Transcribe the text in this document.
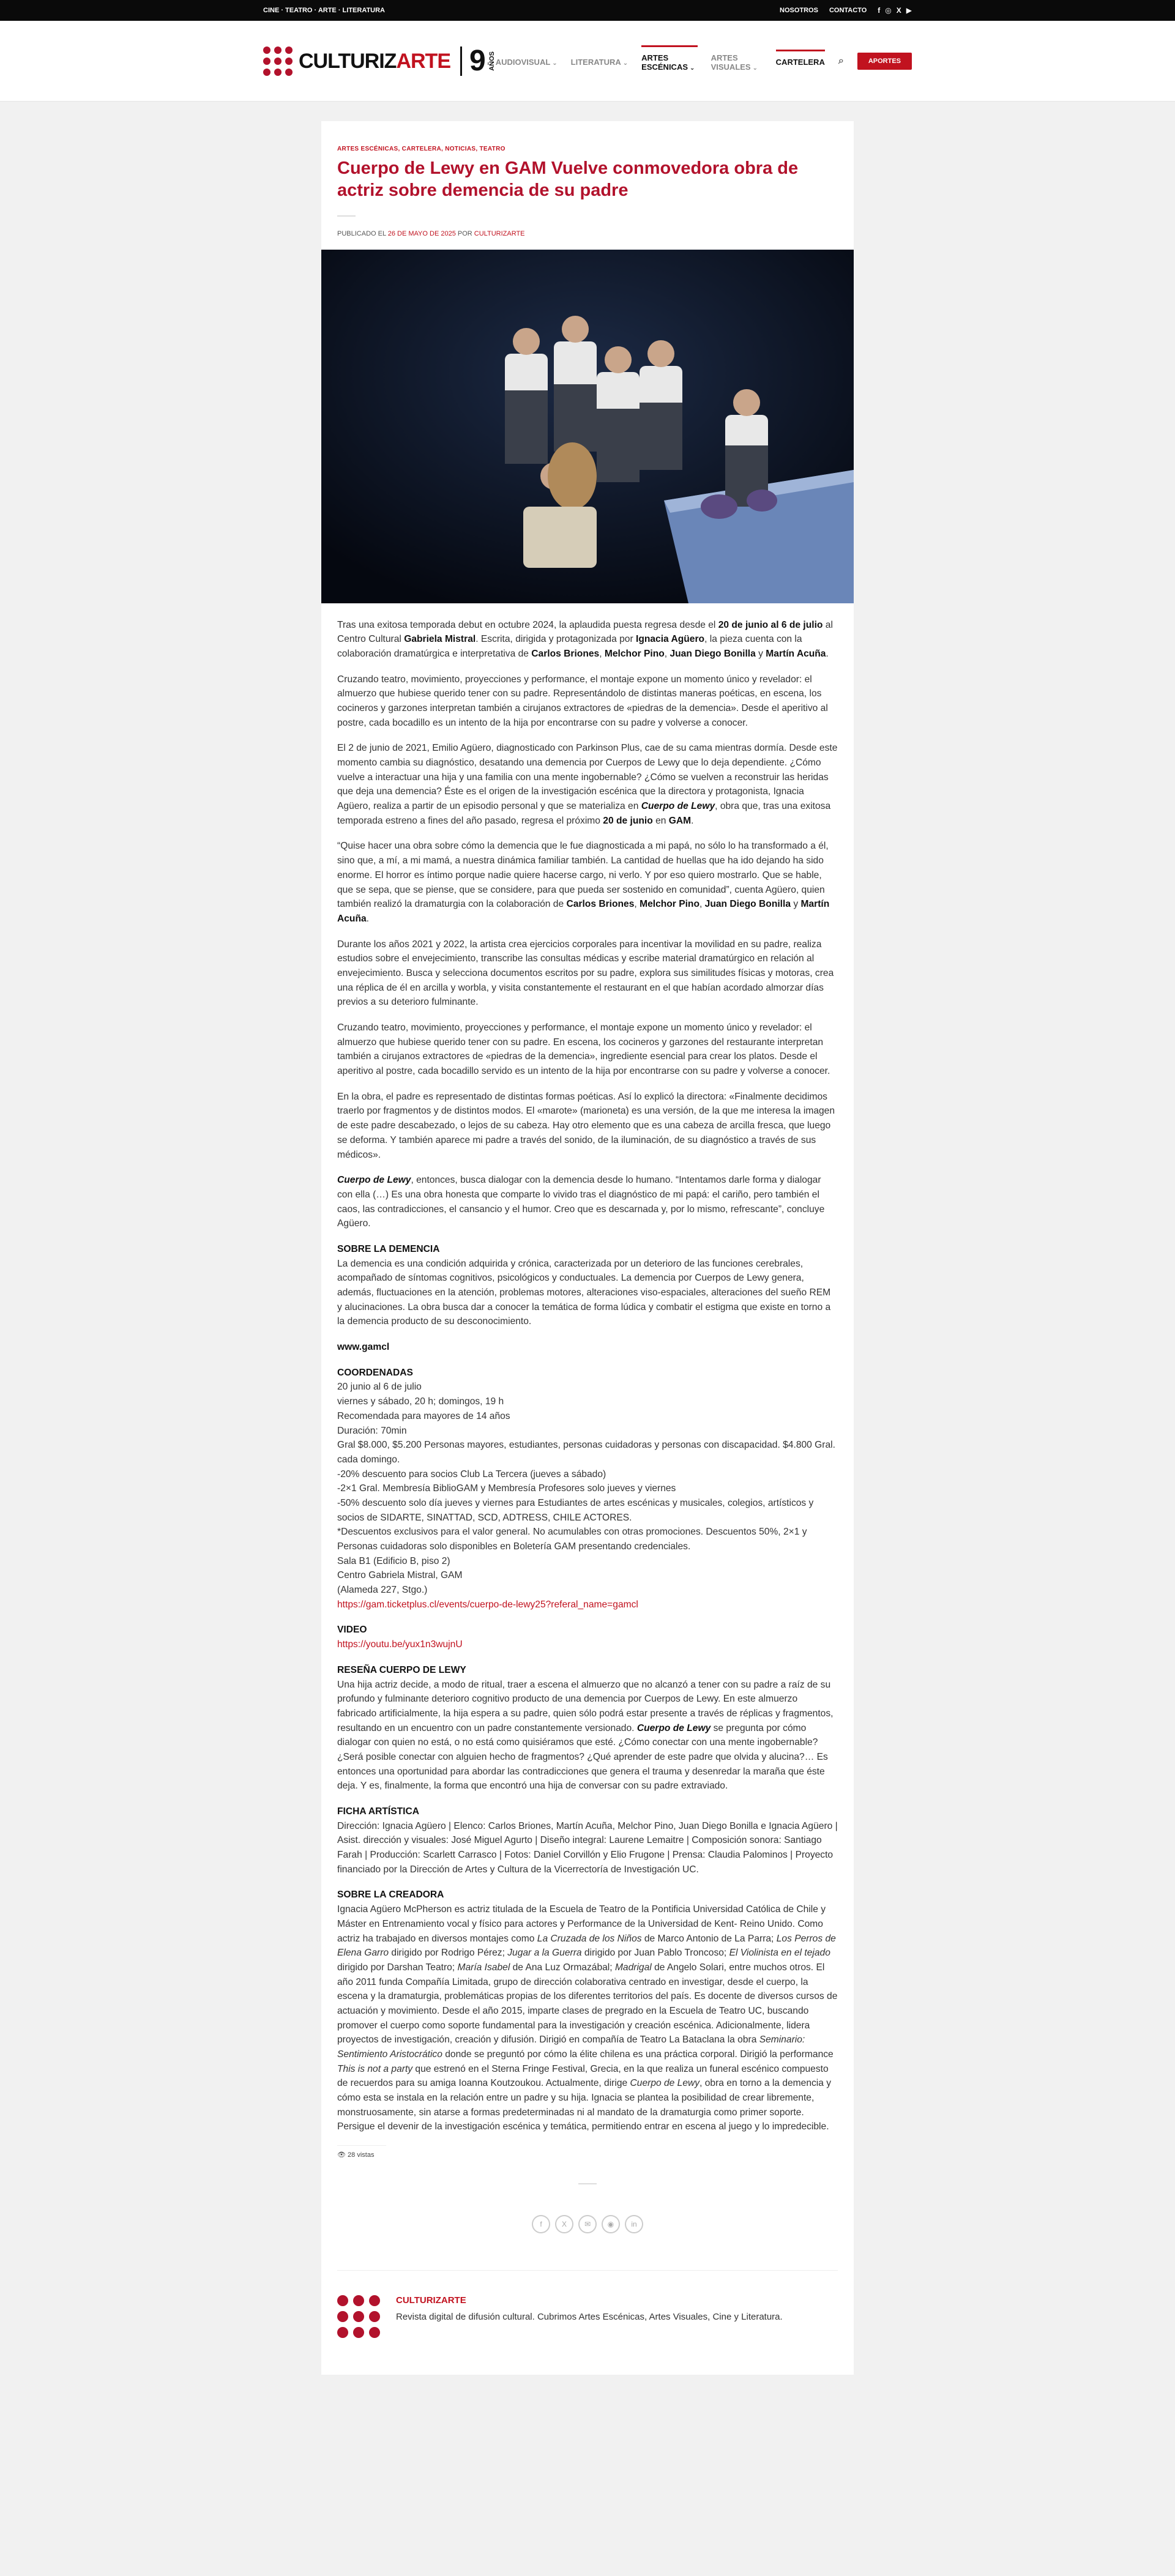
CINE · TEATRO · ARTE · LITERATURA	NOSOTROS CONTACTO f ◎ X ▶
CULTURIZARTE 9 AÑOS AUDIOVISUAL ⌄ LITERATURA ⌄
ARTES ESCÉNICAS ⌄
ARTES VISUALES ⌄
CARTELERA ⌕	APORTES
ARTES ESCÉNICAS, CARTELERA, NOTICIAS, TEATRO
Cuerpo de Lewy en GAM Vuelve conmovedora obra de actriz sobre demencia de su padre
PUBLICADO EL 26 DE MAYO DE 2025 POR CULTURIZARTE

Tras una exitosa temporada debut en octubre 2024, la aplaudida puesta regresa desde el 20 de junio al 6 de julio al Centro Cultural Gabriela Mistral. Escrita, dirigida y protagonizada por Ignacia Agüero, la pieza cuenta con la colaboración dramatúrgica e interpretativa de Carlos Briones, Melchor Pino, Juan Diego Bonilla y Martín Acuña.

Cruzando teatro, movimiento, proyecciones y performance, el montaje expone un momento único y revelador: el almuerzo que hubiese querido tener con su padre. Representándolo de distintas maneras poéticas, en escena, los cocineros y garzones interpretan también a cirujanos extractores de «piedras de la demencia». Desde el aperitivo al postre, cada bocadillo es un intento de la hija por encontrarse con su padre y volverse a conocer.

El 2 de junio de 2021, Emilio Agüero, diagnosticado con Parkinson Plus, cae de su cama mientras dormía. Desde este momento cambia su diagnóstico, desatando una demencia por Cuerpos de Lewy que lo deja dependiente. ¿Cómo vuelve a interactuar una hija y una familia con una mente ingobernable? ¿Cómo se vuelven a reconstruir las heridas que deja una demencia? Éste es el origen de la investigación escénica que la directora y protagonista, Ignacia Agüero, realiza a partir de un episodio personal y que se materializa en Cuerpo de Lewy, obra que, tras una exitosa temporada estreno a fines del año pasado, regresa el próximo 20 de junio en GAM.

“Quise hacer una obra sobre cómo la demencia que le fue diagnosticada a mi papá, no sólo lo ha transformado a él, sino que, a mí, a mi mamá, a nuestra dinámica familiar también. La cantidad de huellas que ha ido dejando ha sido enorme. El horror es íntimo porque nadie quiere hacerse cargo, ni verlo. Y por eso quiero mostrarlo. Que se hable, que se sepa, que se piense, que se considere, para que pueda ser sostenido en comunidad”, cuenta Agüero, quien también realizó la dramaturgia con la colaboración de Carlos Briones, Melchor Pino, Juan Diego Bonilla y Martín Acuña.

Durante los años 2021 y 2022, la artista crea ejercicios corporales para incentivar la movilidad en su padre, realiza estudios sobre el envejecimiento, transcribe las consultas médicas y escribe material dramatúrgico en relación al envejecimiento. Busca y selecciona documentos escritos por su padre, explora sus similitudes físicas y motoras, crea una réplica de él en arcilla y worbla, y visita constantemente el restaurant en el que habían acordado almorzar días previos a su deterioro fulminante.

Cruzando teatro, movimiento, proyecciones y performance, el montaje expone un momento único y revelador: el almuerzo que hubiese querido tener con su padre. En escena, los cocineros y garzones del restaurante interpretan también a cirujanos extractores de «piedras de la demencia», ingrediente esencial para crear los platos. Desde el aperitivo al postre, cada bocadillo servido es un intento de la hija por encontrarse con su padre y volverse a conocer.

En la obra, el padre es representado de distintas formas poéticas. Así lo explicó la directora: «Finalmente decidimos traerlo por fragmentos y de distintos modos. El «marote» (marioneta) es una versión, de la que me interesa la imagen de este padre descabezado, o lejos de su cabeza. Hay otro elemento que es una cabeza de arcilla fresca, que luego se deforma. Y también aparece mi padre a través del sonido, de la iluminación, de su diagnóstico a través de sus médicos».

Cuerpo de Lewy, entonces, busca dialogar con la demencia desde lo humano. “Intentamos darle forma y dialogar con ella (…) Es una obra honesta que comparte lo vivido tras el diagnóstico de mi papá: el cariño, pero también el caos, las contradicciones, el cansancio y el humor. Creo que es descarnada y, por lo mismo, refrescante”, concluye Agüero.

SOBRE LA DEMENCIA
La demencia es una condición adquirida y crónica, caracterizada por un deterioro de las funciones cerebrales, acompañado de síntomas cognitivos, psicológicos y conductuales. La demencia por Cuerpos de Lewy genera, además, fluctuaciones en la atención, problemas motores, alteraciones viso-espaciales, alteraciones del sueño REM y alucinaciones. La obra busca dar a conocer la temática de forma lúdica y combatir el estigma que existe en torno a la demencia producto de su desconocimiento.

www.gamcl

COORDENADAS
20 junio al 6 de julio
viernes y sábado, 20 h; domingos, 19 h
Recomendada para mayores de 14 años
Duración: 70min
Gral $8.000, $5.200 Personas mayores, estudiantes, personas cuidadoras y personas con discapacidad. $4.800 Gral. cada domingo.
-20% descuento para socios Club La Tercera (jueves a sábado)
-2×1 Gral. Membresía BiblioGAM y Membresía Profesores solo jueves y viernes
-50% descuento solo día jueves y viernes para Estudiantes de artes escénicas y musicales, colegios, artísticos y socios de SIDARTE, SINATTAD, SCD, ADTRESS, CHILE ACTORES.
*Descuentos exclusivos para el valor general. No acumulables con otras promociones. Descuentos 50%, 2×1 y Personas cuidadoras solo disponibles en Boletería GAM presentando credenciales.
Sala B1 (Edificio B, piso 2)
Centro Gabriela Mistral, GAM
(Alameda 227, Stgo.)
https://gam.ticketplus.cl/events/cuerpo-de-lewy25?referal_name=gamcl

VIDEO
https://youtu.be/yux1n3wujnU

RESEÑA CUERPO DE LEWY
Una hija actriz decide, a modo de ritual, traer a escena el almuerzo que no alcanzó a tener con su padre a raíz de su profundo y fulminante deterioro cognitivo producto de una demencia por Cuerpos de Lewy. En este almuerzo fabricado artificialmente, la hija espera a su padre, quien sólo podrá estar presente a través de réplicas y fragmentos, resultando en un encuentro con un padre constantemente versionado. Cuerpo de Lewy se pregunta por cómo dialogar con quien no está, o no está como quisiéramos que esté. ¿Cómo conectar con una mente ingobernable? ¿Será posible conectar con alguien hecho de fragmentos? ¿Qué aprender de este padre que olvida y alucina?… Es entonces una oportunidad para abordar las contradicciones que genera el trauma y desenredar la maraña que éste deja. Y es, finalmente, la forma que encontró una hija de conversar con su padre extraviado.

FICHA ARTÍSTICA
Dirección: Ignacia Agüero | Elenco: Carlos Briones, Martín Acuña, Melchor Pino, Juan Diego Bonilla e Ignacia Agüero | Asist. dirección y visuales: José Miguel Agurto | Diseño integral: Laurene Lemaitre | Composición sonora: Santiago Farah | Producción: Scarlett Carrasco | Fotos: Daniel Corvillón y Elio Frugone | Prensa: Claudia Palominos | Proyecto financiado por la Dirección de Artes y Cultura de la Vicerrectoría de Investigación UC.

SOBRE LA CREADORA
Ignacia Agüero McPherson es actriz titulada de la Escuela de Teatro de la Pontificia Universidad Católica de Chile y Máster en Entrenamiento vocal y físico para actores y Performance de la Universidad de Kent- Reino Unido. Como actriz ha trabajado en diversos montajes como La Cruzada de los Niños de Marco Antonio de La Parra; Los Perros de Elena Garro dirigido por Rodrigo Pérez; Jugar a la Guerra dirigido por Juan Pablo Troncoso; El Violinista en el tejado dirigido por Darshan Teatro; María Isabel de Ana Luz Ormazábal; Madrigal de Angelo Solari, entre muchos otros. El año 2011 funda Compañía Limitada, grupo de dirección colaborativa centrado en investigar, desde el cuerpo, la escena y la dramaturgia, problemáticas propias de los diferentes territorios del país. Es docente de diversos cursos de actuación y movimiento. Desde el año 2015, imparte clases de pregrado en la Escuela de Teatro UC, buscando promover el cuerpo como soporte fundamental para la investigación y creación escénica. Adicionalmente, lidera proyectos de investigación, creación y difusión. Dirigió en compañía de Teatro La Bataclana la obra Seminario: Sentimiento Aristocrático donde se preguntó por cómo la élite chilena es una práctica corporal. Dirigió la performance This is not a party que estrenó en el Sterna Fringe Festival, Grecia, en la que realiza un funeral escénico compuesto de recuerdos para su amiga Ioanna Koutzoukou. Actualmente, dirige Cuerpo de Lewy, obra en torno a la demencia y cómo esta se instala en la relación entre un padre y su hija. Ignacia se plantea la posibilidad de crear libremente, monstruosamente, sin atarse a formas predeterminadas ni al mandato de la dramaturgia como primer soporte. Persigue el devenir de la investigación escénica y temática, permitiendo entrar en escena al juego y lo impredecible.

👁 28 vistas
f	X	✉	◉	in
CULTURIZARTE
Revista digital de difusión cultural. Cubrimos Artes Escénicas, Artes Visuales, Cine y Literatura.
